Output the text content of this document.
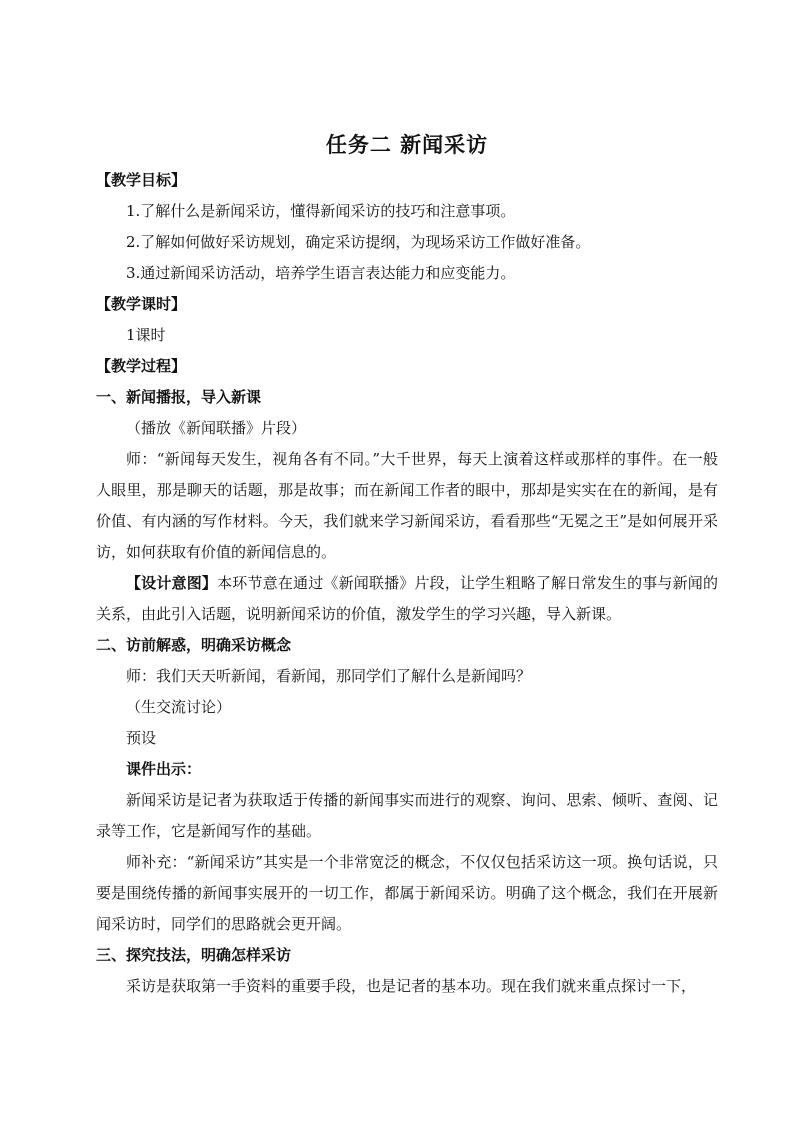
任务二 新闻采访
【教学目标】
1.了解什么是新闻采访，懂得新闻采访的技巧和注意事项。
2.了解如何做好采访规划，确定采访提纲，为现场采访工作做好准备。
3.通过新闻采访活动，培养学生语言表达能力和应变能力。
【教学课时】
1课时
【教学过程】
一、新闻播报，导入新课
（播放《新闻联播》片段）
师：“新闻每天发生，视角各有不同。”大千世界，每天上演着这样或那样的事件。在一般人眼里，那是聊天的话题，那是故事；而在新闻工作者的眼中，那却是实实在在的新闻，是有价值、有内涵的写作材料。今天，我们就来学习新闻采访，看看那些“无冕之王”是如何展开采访，如何获取有价值的新闻信息的。
【设计意图】本环节意在通过《新闻联播》片段，让学生粗略了解日常发生的事与新闻的关系，由此引入话题，说明新闻采访的价值，激发学生的学习兴趣，导入新课。
二、访前解惑，明确采访概念
师：我们天天听新闻，看新闻，那同学们了解什么是新闻吗？
（生交流讨论）
预设
课件出示：
新闻采访是记者为获取适于传播的新闻事实而进行的观察、询问、思索、倾听、查阅、记录等工作，它是新闻写作的基础。
师补充：“新闻采访”其实是一个非常宽泛的概念，不仅仅包括采访这一项。换句话说，只要是围绕传播的新闻事实展开的一切工作，都属于新闻采访。明确了这个概念，我们在开展新闻采访时，同学们的思路就会更开阔。
三、探究技法，明确怎样采访
采访是获取第一手资料的重要手段，也是记者的基本功。现在我们就来重点探讨一下，
